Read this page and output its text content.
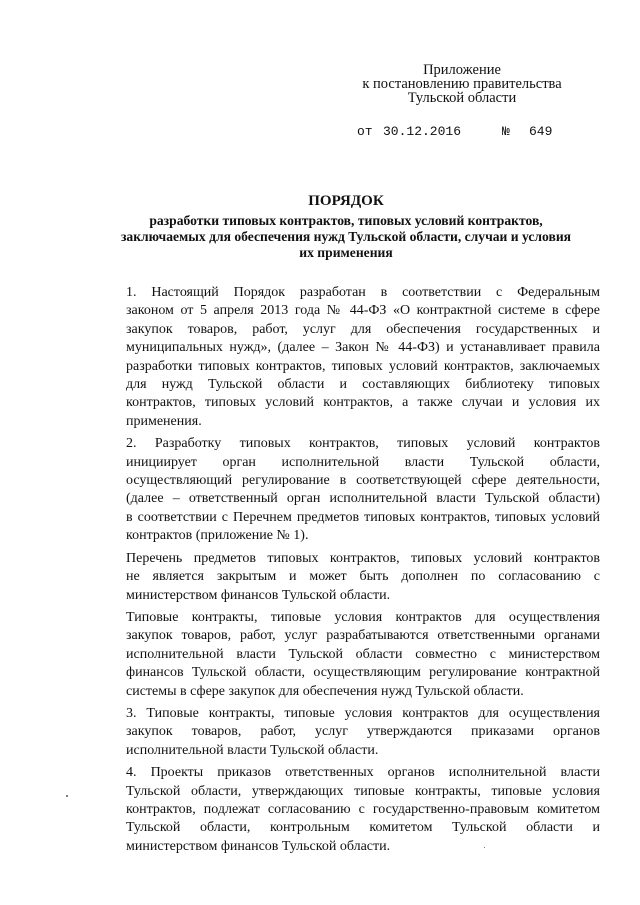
Приложение
к постановлению правительства
Тульской области
от 30.12.2016	№ 649
ПОРЯДОК
разработки типовых контрактов, типовых условий контрактов,
заключаемых для обеспечения нужд Тульской области, случаи и условия
их применения

1. Настоящий Порядок разработан в соответствии с Федеральным
законом от 5 апреля 2013 года № 44-ФЗ «О контрактной системе в сфере
закупок товаров, работ, услуг для обеспечения государственных и
муниципальных нужд», (далее – Закон № 44-ФЗ) и устанавливает правила
разработки типовых контрактов, типовых условий контрактов, заключаемых
для нужд Тульской области и составляющих библиотеку типовых
контрактов, типовых условий контрактов, а также случаи и условия их
применения.

2. Разработку типовых контрактов, типовых условий контрактов
инициирует орган исполнительной власти Тульской области,
осуществляющий регулирование в соответствующей сфере деятельности,
(далее – ответственный орган исполнительной власти Тульской области)
в соответствии с Перечнем предметов типовых контрактов, типовых условий
контрактов (приложение № 1).

Перечень предметов типовых контрактов, типовых условий контрактов
не является закрытым и может быть дополнен по согласованию с
министерством финансов Тульской области.

Типовые контракты, типовые условия контрактов для осуществления
закупок товаров, работ, услуг разрабатываются ответственными органами
исполнительной власти Тульской области совместно с министерством
финансов Тульской области, осуществляющим регулирование контрактной
системы в сфере закупок для обеспечения нужд Тульской области.

3. Типовые контракты, типовые условия контрактов для осуществления
закупок товаров, работ, услуг утверждаются приказами органов
исполнительной власти Тульской области.

4. Проекты приказов ответственных органов исполнительной власти
Тульской области, утверждающих типовые контракты, типовые условия
контрактов, подлежат согласованию с государственно-правовым комитетом
Тульской области, контрольным комитетом Тульской области и
министерством финансов Тульской области.
